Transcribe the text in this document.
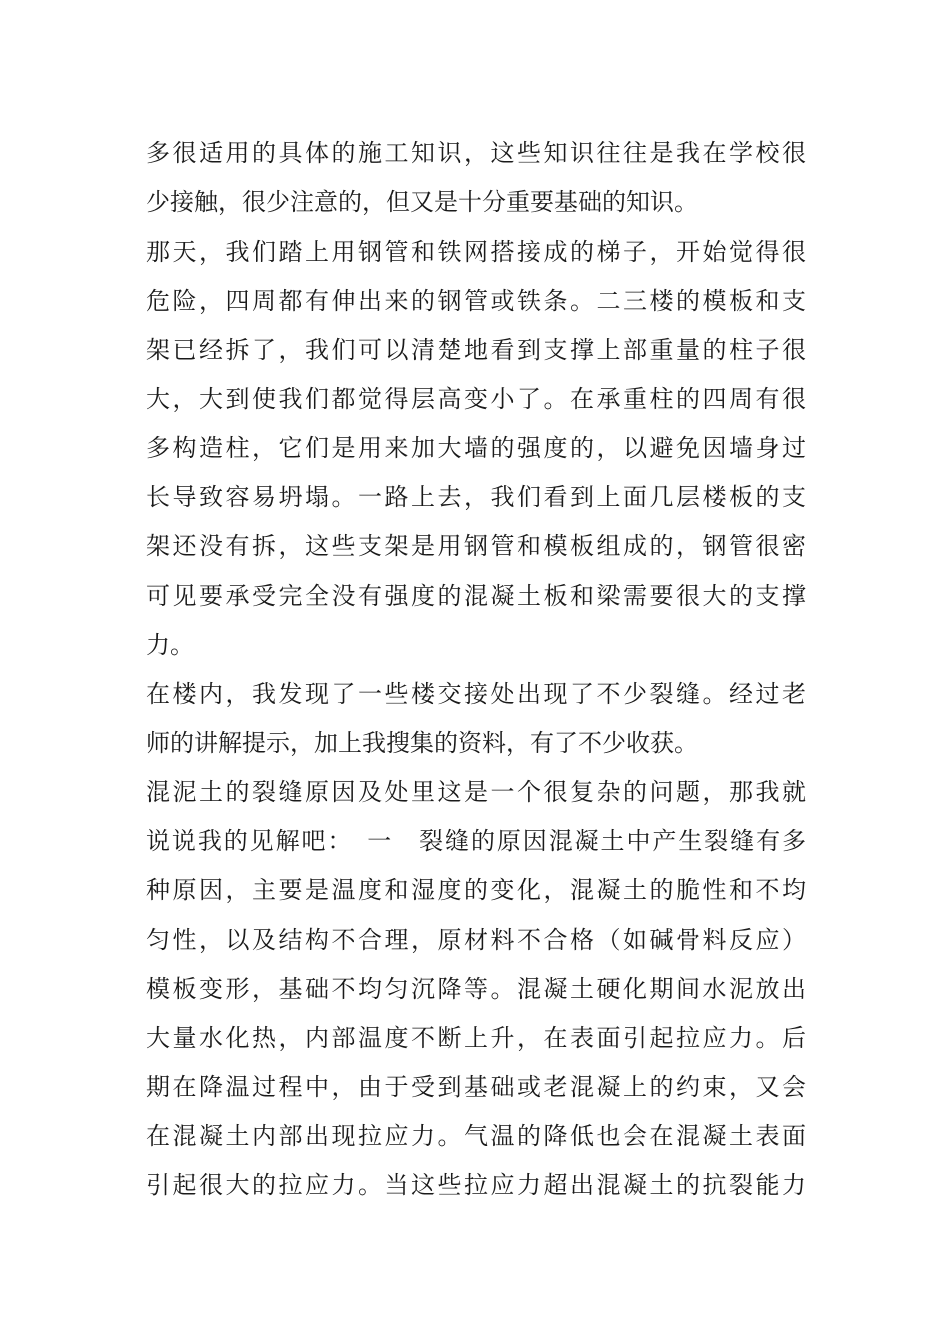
多很适用的具体的施工知识，这些知识往往是我在学校很
少接触，很少注意的，但又是十分重要基础的知识。
那天，我们踏上用钢管和铁网搭接成的梯子，开始觉得很
危险，四周都有伸出来的钢管或铁条。二三楼的模板和支
架已经拆了，我们可以清楚地看到支撑上部重量的柱子很
大，大到使我们都觉得层高变小了。在承重柱的四周有很
多构造柱，它们是用来加大墙的强度的，以避免因墙身过
长导致容易坍塌。一路上去，我们看到上面几层楼板的支
架还没有拆，这些支架是用钢管和模板组成的，钢管很密
可见要承受完全没有强度的混凝土板和梁需要很大的支撑
力。
在楼内，我发现了一些楼交接处出现了不少裂缝。经过老
师的讲解提示，加上我搜集的资料，有了不少收获。
混泥土的裂缝原因及处里这是一个很复杂的问题，那我就
说说我的见解吧：　一　裂缝的原因混凝土中产生裂缝有多
种原因，主要是温度和湿度的变化，混凝土的脆性和不均
匀性，以及结构不合理，原材料不合格（如碱骨料反应）
模板变形，基础不均匀沉降等。混凝土硬化期间水泥放出
大量水化热，内部温度不断上升，在表面引起拉应力。后
期在降温过程中，由于受到基础或老混凝上的约束，又会
在混凝土内部出现拉应力。气温的降低也会在混凝土表面
引起很大的拉应力。当这些拉应力超出混凝土的抗裂能力
